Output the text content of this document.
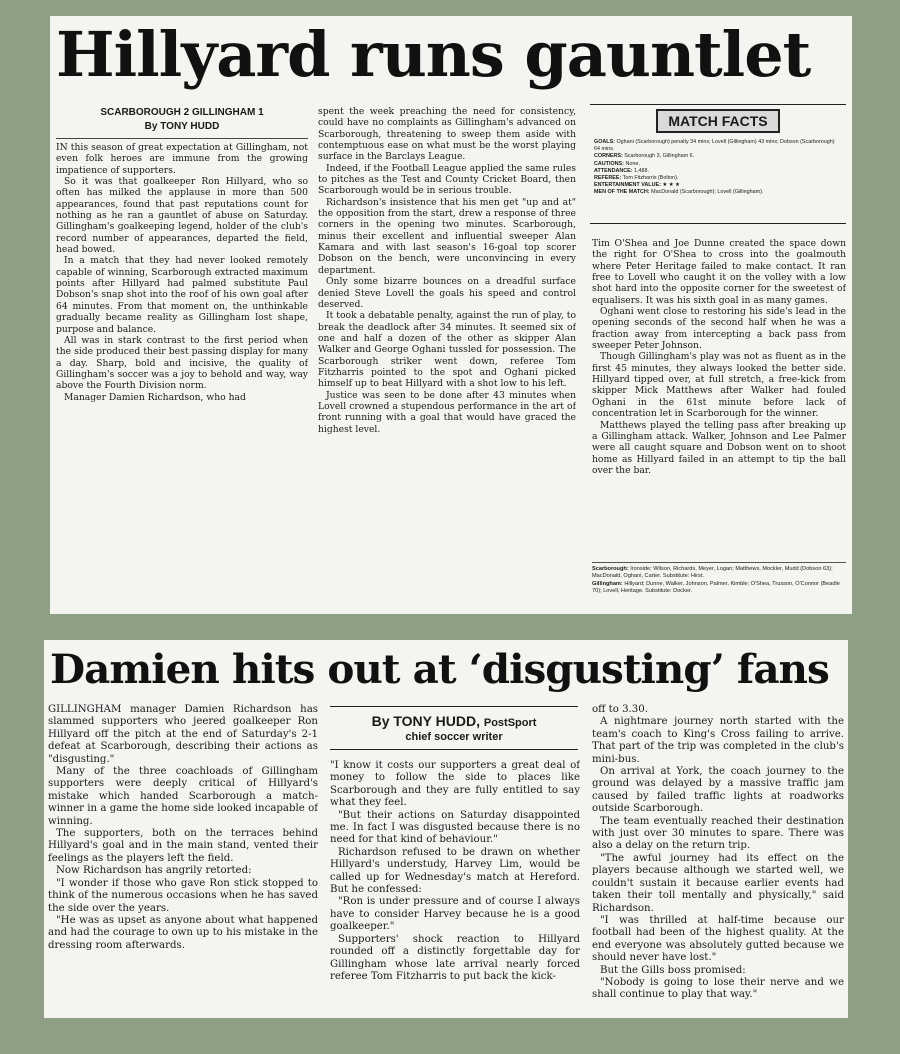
Hillyard runs gauntlet
SCARBOROUGH 2 GILLINGHAM 1
By TONY HUDD

IN this season of great expectation at Gillingham, not even folk heroes are immune from the growing impatience of supporters.

So it was that goalkeeper Ron Hillyard, who so often has milked the applause in more than 500 appearances, found that past reputations count for nothing as he ran a gauntlet of abuse on Saturday. Gillingham's goalkeeping legend, holder of the club's record number of appearances, departed the field, head bowed.

In a match that they had never looked remotely capable of winning, Scarborough extracted maximum points after Hillyard had palmed substitute Paul Dobson's snap shot into the roof of his own goal after 64 minutes. From that moment on, the unthinkable gradually became reality as Gillingham lost shape, purpose and balance.

All was in stark contrast to the first period when the side produced their best passing display for many a day. Sharp, bold and incisive, the quality of Gillingham's soccer was a joy to behold and way, way above the Fourth Division norm.

Manager Damien Richardson, who had

spent the week preaching the need for consistency, could have no complaints as Gillingham's advanced on Scarborough, threatening to sweep them aside with contemptuous ease on what must be the worst playing surface in the Barclays League.

Indeed, if the Football League applied the same rules to pitches as the Test and County Cricket Board, then Scarborough would be in serious trouble.

Richardson's insistence that his men get "up and at" the opposition from the start, drew a response of three corners in the opening two minutes. Scarborough, minus their excellent and influential sweeper Alan Kamara and with last season's 16-goal top scorer Dobson on the bench, were unconvincing in every department.

Only some bizarre bounces on a dreadful surface denied Steve Lovell the goals his speed and control deserved.

It took a debatable penalty, against the run of play, to break the deadlock after 34 minutes. It seemed six of one and half a dozen of the other as skipper Alan Walker and George Oghani tussled for possession. The Scarborough striker went down, referee Tom Fitzharris pointed to the spot and Oghani picked himself up to beat Hillyard with a shot low to his left.

Justice was seen to be done after 43 minutes when Lovell crowned a stupendous performance in the art of front running with a goal that would have graced the highest level.

MATCH FACTS
GOALS: Oghani (Scarborough) penalty 34 mins; Lovell (Gillingham) 43 mins; Dobson (Scarborough) 64 mins.
CORNERS: Scarborough 3, Gillingham 6.
CAUTIONS: None.
ATTENDANCE: 1,488.
REFEREE: Tom Fitzharris (Bolton).
ENTERTAINMENT VALUE: ★ ★ ★
MEN OF THE MATCH: MacDonald (Scarborough); Lovell (Gillingham).

Tim O'Shea and Joe Dunne created the space down the right for O'Shea to cross into the goalmouth where Peter Heritage failed to make contact. It ran free to Lovell who caught it on the volley with a low shot hard into the opposite corner for the sweetest of equalisers. It was his sixth goal in as many games.

Oghani went close to restoring his side's lead in the opening seconds of the second half when he was a fraction away from intercepting a back pass from sweeper Peter Johnson.

Though Gillingham's play was not as fluent as in the first 45 minutes, they always looked the better side. Hillyard tipped over, at full stretch, a free-kick from skipper Mick Matthews after Walker had fouled Oghani in the 61st minute before lack of concentration let in Scarborough for the winner.

Matthews played the telling pass after breaking up a Gillingham attack. Walker, Johnson and Lee Palmer were all caught square and Dobson went on to shoot home as Hillyard failed in an attempt to tip the ball over the bar.

Scarborough: Ironside; Wilson, Richards, Meyer, Logan; Matthews, Mockler, Mudd (Dobson 63); MacDonald, Oghani, Carter. Substitute: Hirst.
Gillingham: Hillyard; Dunne, Walker, Johnson, Palmer, Kimble; O'Shea, Trusson, O'Connor (Beadle 70); Lovell, Heritage. Substitute: Docker.
Damien hits out at ‘disgusting’ fans

GILLINGHAM manager Damien Richardson has slammed supporters who jeered goalkeeper Ron Hillyard off the pitch at the end of Saturday's 2-1 defeat at Scarborough, describing their actions as "disgusting."

Many of the three coachloads of Gillingham supporters were deeply critical of Hillyard's mistake which handed Scarborough a match-winner in a game the home side looked incapable of winning.

The supporters, both on the terraces behind Hillyard's goal and in the main stand, vented their feelings as the players left the field.

Now Richardson has angrily retorted:

"I wonder if those who gave Ron stick stopped to think of the numerous occasions when he has saved the side over the years.

"He was as upset as anyone about what happened and had the courage to own up to his mistake in the dressing room afterwards.

By TONY HUDD, PostSport
chief soccer writer

"I know it costs our supporters a great deal of money to follow the side to places like Scarborough and they are fully entitled to say what they feel.

"But their actions on Saturday disappointed me. In fact I was disgusted because there is no need for that kind of behaviour."

Richardson refused to be drawn on whether Hillyard's understudy, Harvey Lim, would be called up for Wednesday's match at Hereford. But he confessed:

"Ron is under pressure and of course I always have to consider Harvey because he is a good goalkeeper."

Supporters' shock reaction to Hillyard rounded off a distinctly forgettable day for Gillingham whose late arrival nearly forced referee Tom Fitzharris to put back the kick-

off to 3.30.

A nightmare journey north started with the team's coach to King's Cross failing to arrive. That part of the trip was completed in the club's mini-bus.

On arrival at York, the coach journey to the ground was delayed by a massive traffic jam caused by failed traffic lights at roadworks outside Scarborough.

The team eventually reached their destination with just over 30 minutes to spare. There was also a delay on the return trip.

"The awful journey had its effect on the players because although we started well, we couldn't sustain it because earlier events had taken their toll mentally and physically," said Richardson.

"I was thrilled at half-time because our football had been of the highest quality. At the end everyone was absolutely gutted because we should never have lost."

But the Gills boss promised:

"Nobody is going to lose their nerve and we shall continue to play that way."
